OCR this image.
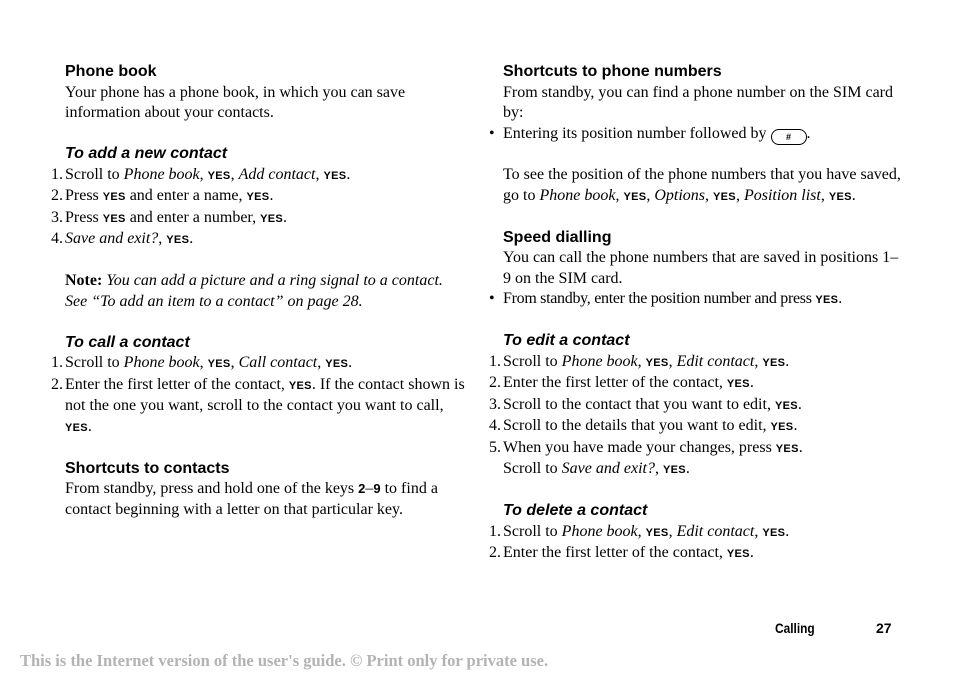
Phone book

Your phone has a phone book, in which you can save information about your contacts.

To add a new contact
1. Scroll to Phone book, YES, Add contact, YES.
2. Press YES and enter a name, YES.
3. Press YES and enter a number, YES.
4. Save and exit?, YES.

Note: You can add a picture and a ring signal to a contact. See “To add an item to a contact” on page 28.

To call a contact
1. Scroll to Phone book, YES, Call contact, YES.
2. Enter the first letter of the contact, YES. If the contact shown is not the one you want, scroll to the contact you want to call, YES.
Shortcuts to contacts

From standby, press and hold one of the keys 2–9 to find a contact beginning with a letter on that particular key.

Shortcuts to phone numbers

From standby, you can find a phone number on the SIM card by:

• Entering its position number followed by # .

To see the position of the phone numbers that you have saved, go to Phone book, YES, Options, YES, Position list, YES.

Speed dialling

You can call the phone numbers that are saved in positions 1–9 on the SIM card.

• From standby, enter the position number and press YES.
To edit a contact
1. Scroll to Phone book, YES, Edit contact, YES.
2. Enter the first letter of the contact, YES.
3. Scroll to the contact that you want to edit, YES.
4. Scroll to the details that you want to edit, YES.
5. When you have made your changes, press YES.
Scroll to Save and exit?, YES.
To delete a contact
1. Scroll to Phone book, YES, Edit contact, YES.
2. Enter the first letter of the contact, YES.
Calling	27
This is the Internet version of the user's guide. © Print only for private use.
